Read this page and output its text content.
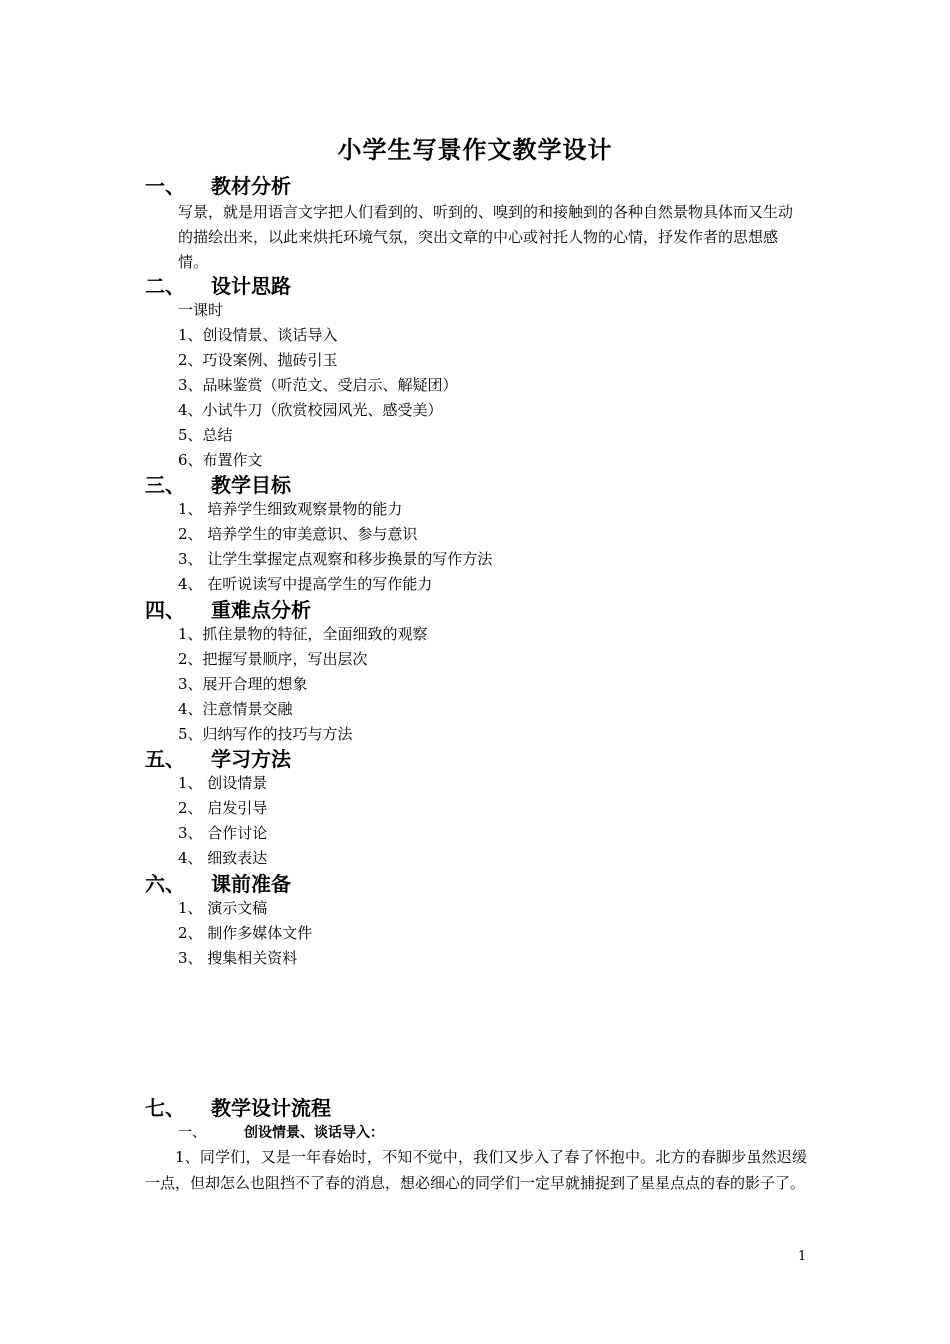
小学生写景作文教学设计
一、 教材分析
写景，就是用语言文字把人们看到的、听到的、嗅到的和接触到的各种自然景物具体而又生动的描绘出来，以此来烘托环境气氛，突出文章的中心或衬托人物的心情，抒发作者的思想感情。
二、 设计思路
一课时
1、创设情景、谈话导入
2、巧设案例、抛砖引玉
3、品味鉴赏（听范文、受启示、解疑团）
4、小试牛刀（欣赏校园风光、感受美）
5、总结
6、布置作文
三、 教学目标
1、 培养学生细致观察景物的能力
2、 培养学生的审美意识、参与意识
3、 让学生掌握定点观察和移步换景的写作方法
4、 在听说读写中提高学生的写作能力
四、 重难点分析
1、抓住景物的特征，全面细致的观察
2、把握写景顺序，写出层次
3、展开合理的想象
4、注意情景交融
5、归纳写作的技巧与方法
五、 学习方法
1、 创设情景
2、 启发引导
3、 合作讨论
4、 细致表达
六、 课前准备
1、 演示文稿
2、 制作多媒体文件
3、 搜集相关资料
七、 教学设计流程
一、	创设情景、谈话导入：
1、同学们，又是一年春始时，不知不觉中，我们又步入了春了怀抱中。北方的春脚步虽然迟缓一点，但却怎么也阻挡不了春的消息，想必细心的同学们一定早就捕捉到了星星点点的春的影子了。
1
